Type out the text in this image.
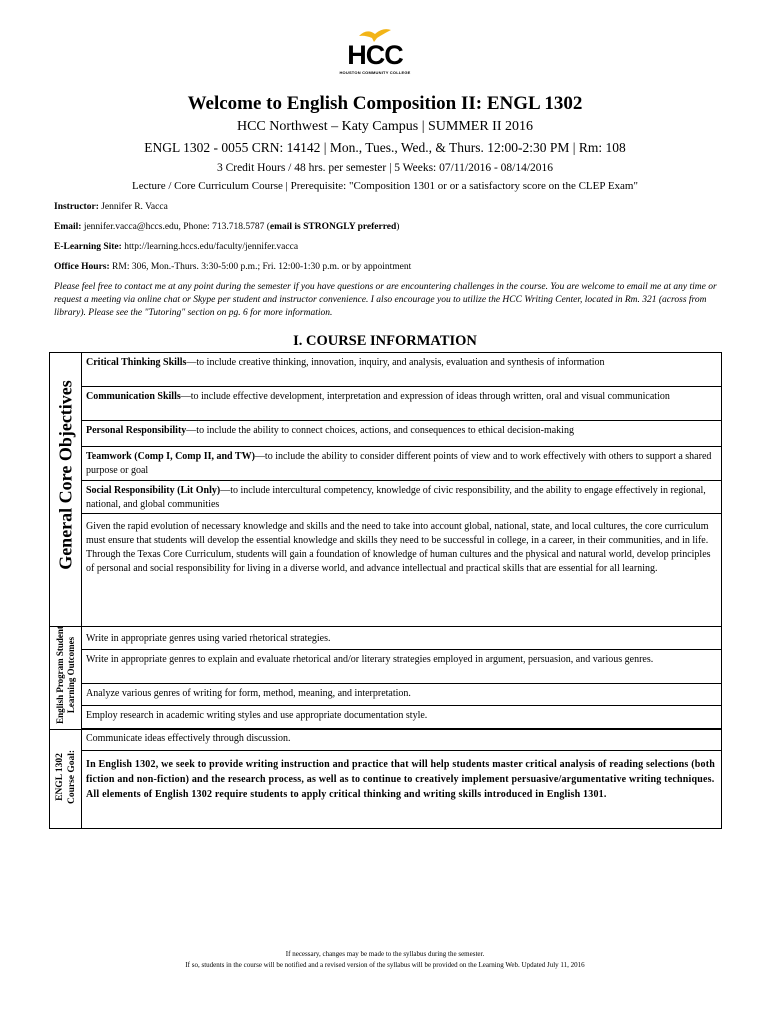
HCC
HOUSTON COMMUNITY COLLEGE
Welcome to English Composition II: ENGL 1302
HCC Northwest – Katy Campus | SUMMER II 2016
ENGL 1302 - 0055 CRN: 14142 | Mon., Tues., Wed., & Thurs. 12:00-2:30 PM | Rm: 108
3 Credit Hours / 48 hrs. per semester | 5 Weeks: 07/11/2016 - 08/14/2016
Lecture / Core Curriculum Course | Prerequisite: "Composition 1301 or or a satisfactory score on the CLEP Exam"
Instructor: Jennifer R. Vacca
Email: jennifer.vacca@hccs.edu, Phone: 713.718.5787 (email is STRONGLY preferred)
E-Learning Site: http://learning.hccs.edu/faculty/jennifer.vacca
Office Hours: RM: 306, Mon.-Thurs. 3:30-5:00 p.m.; Fri. 12:00-1:30 p.m. or by appointment
Please feel free to contact me at any point during the semester if you have questions or are encountering challenges in the course. You are welcome to email me at any time or request a meeting via online chat or Skype per student and instructor convenience. I also encourage you to utilize the HCC Writing Center, located in Rm. 321 (across from library). Please see the "Tutoring" section on pg. 6 for more information.
I. COURSE INFORMATION
General Core Objectives
English Program Student Learning Outcomes
ENGL 1302 Course Goal:
Critical Thinking Skills—to include creative thinking, innovation, inquiry, and analysis, evaluation and synthesis of information
Communication Skills—to include effective development, interpretation and expression of ideas through written, oral and visual communication
Personal Responsibility—to include the ability to connect choices, actions, and consequences to ethical decision-making
Teamwork (Comp I, Comp II, and TW)—to include the ability to consider different points of view and to work effectively with others to support a shared purpose or goal
Social Responsibility (Lit Only)—to include intercultural competency, knowledge of civic responsibility, and the ability to engage effectively in regional, national, and global communities
Given the rapid evolution of necessary knowledge and skills and the need to take into account global, national, state, and local cultures, the core curriculum must ensure that students will develop the essential knowledge and skills they need to be successful in college, in a career, in their communities, and in life. Through the Texas Core Curriculum, students will gain a foundation of knowledge of human cultures and the physical and natural world, develop principles of personal and social responsibility for living in a diverse world, and advance intellectual and practical skills that are essential for all learning.
Write in appropriate genres using varied rhetorical strategies.
Write in appropriate genres to explain and evaluate rhetorical and/or literary strategies employed in argument, persuasion, and various genres.
Analyze various genres of writing for form, method, meaning, and interpretation.
Employ research in academic writing styles and use appropriate documentation style.
Communicate ideas effectively through discussion.
In English 1302, we seek to provide writing instruction and practice that will help students master critical analysis of reading selections (both fiction and non-fiction) and the research process, as well as to continue to creatively implement persuasive/argumentative writing techniques. All elements of English 1302 require students to apply critical thinking and writing skills introduced in English 1301.
If necessary, changes may be made to the syllabus during the semester.
If so, students in the course will be notified and a revised version of the syllabus will be provided on the Learning Web. Updated July 11, 2016
